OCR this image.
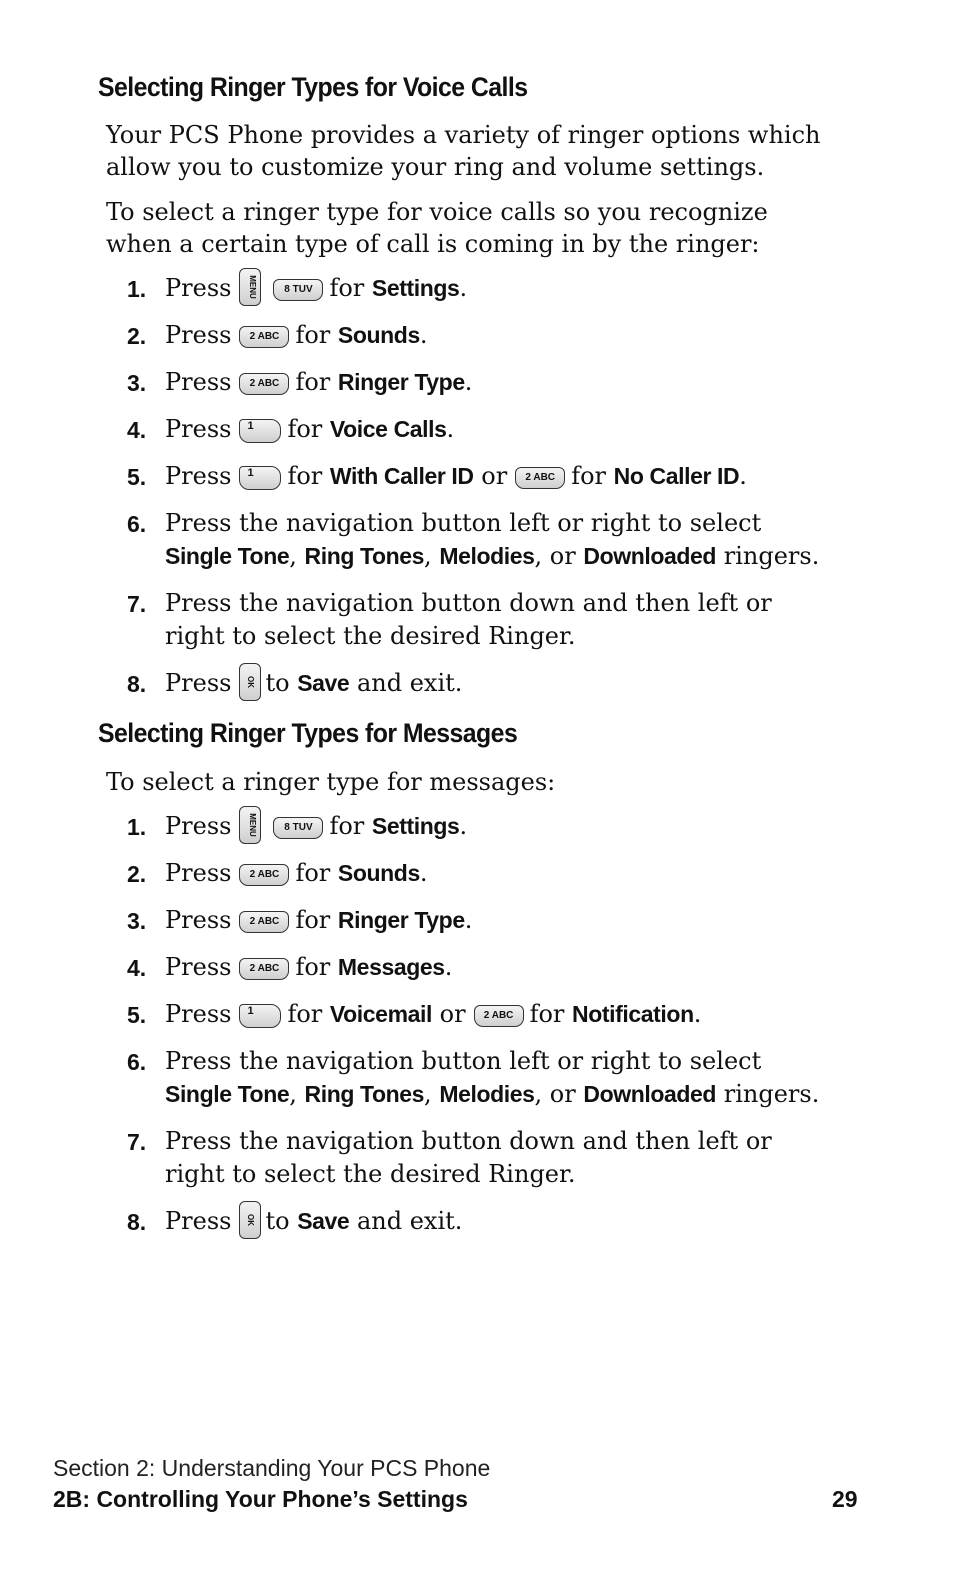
Selecting Ringer Types for Voice Calls

Your PCS Phone provides a variety of ringer options which allow you to customize your ring and volume settings.

To select a ringer type for voice calls so you recognize when a certain type of call is coming in by the ringer:

1. Press MENU	8 TUV for Settings.
2. Press 2 ABC for Sounds.
3. Press 2 ABC for Ringer Type.
4. Press 1 for Voice Calls.
5. Press 1 for With Caller ID or 2 ABC for No Caller ID.
6. Press the navigation button left or right to select Single Tone, Ring Tones, Melodies, or Downloaded ringers.
7. Press the navigation button down and then left or right to select the desired Ringer.
8. Press OK to Save and exit.
Selecting Ringer Types for Messages

To select a ringer type for messages:

1. Press MENU	8 TUV for Settings.
2. Press 2 ABC for Sounds.
3. Press 2 ABC for Ringer Type.
4. Press 2 ABC for Messages.
5. Press 1 for Voicemail or 2 ABC for Notification.
6. Press the navigation button left or right to select Single Tone, Ring Tones, Melodies, or Downloaded ringers.
7. Press the navigation button down and then left or right to select the desired Ringer.
8. Press OK to Save and exit.

Section 2: Understanding Your PCS Phone

2B: Controlling Your Phone’s Settings	29
